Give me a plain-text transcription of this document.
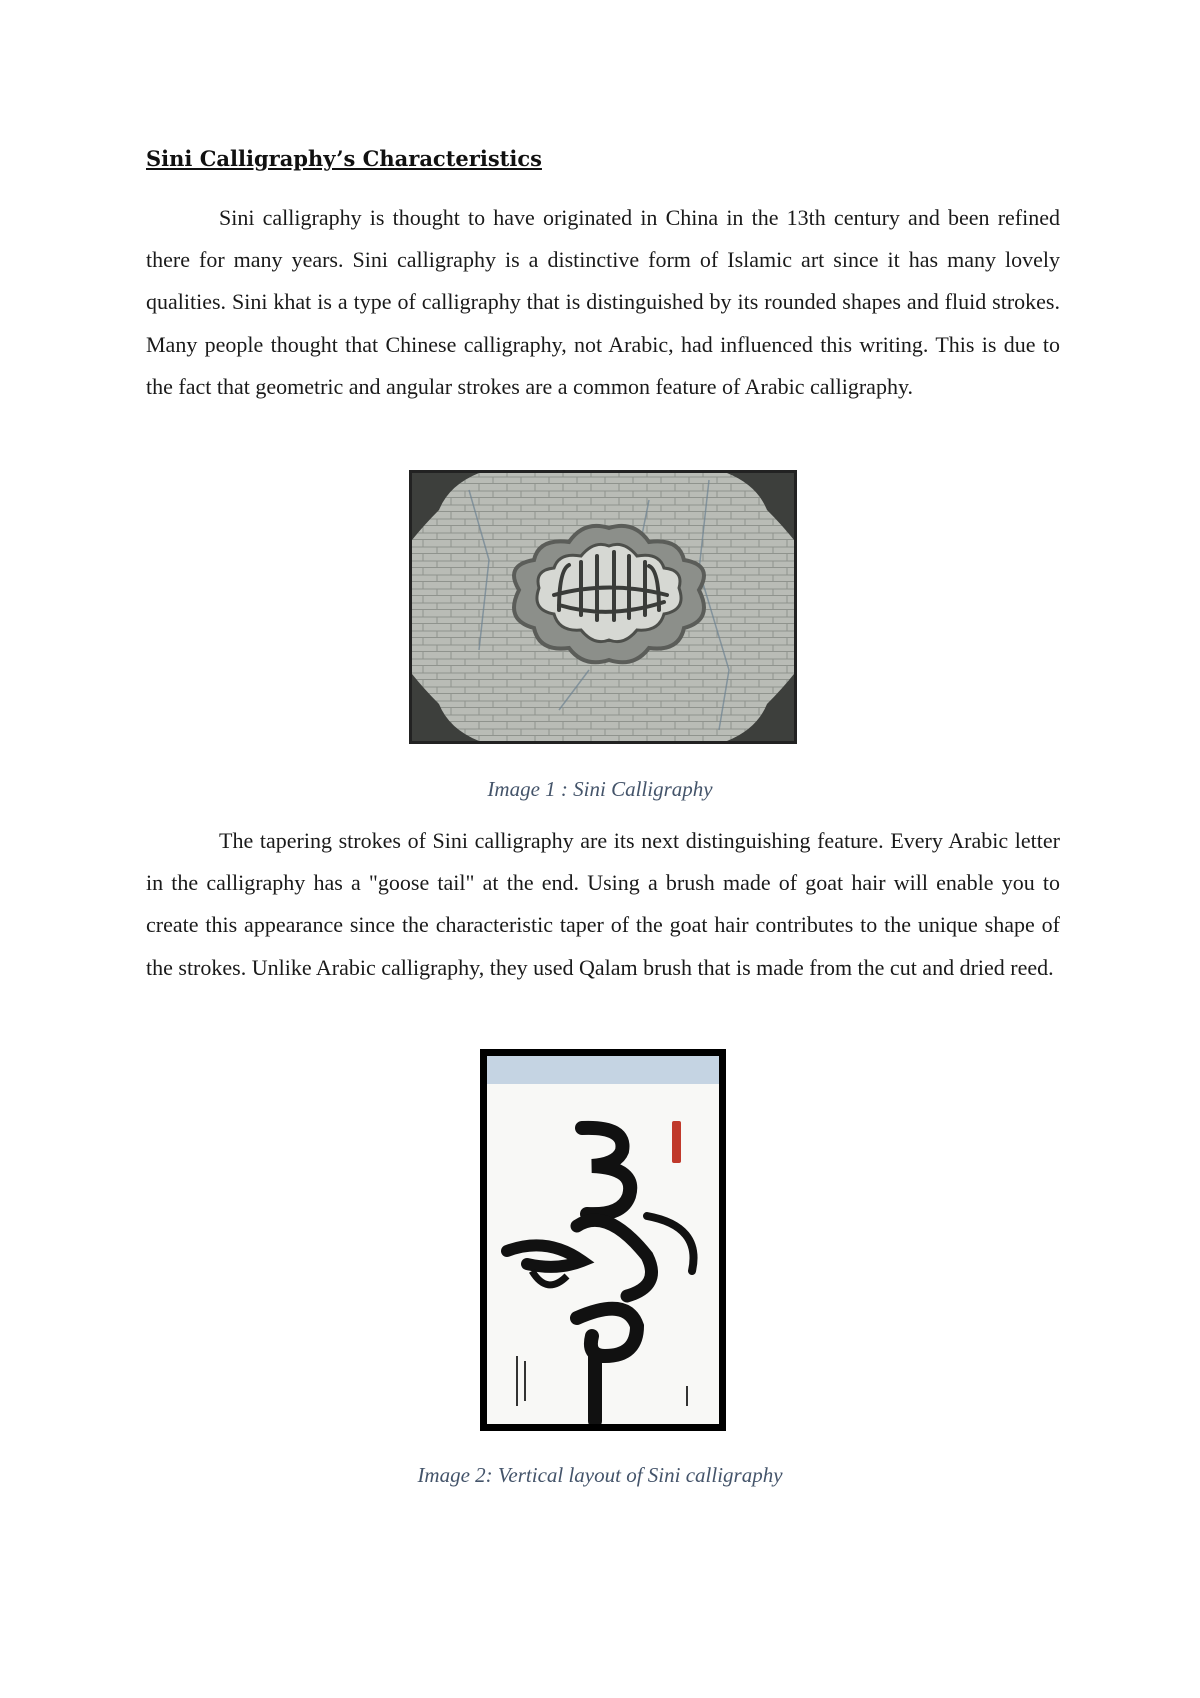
Sini Calligraphy’s Characteristics

Sini calligraphy is thought to have originated in China in the 13th century and been refined there for many years. Sini calligraphy is a distinctive form of Islamic art since it has many lovely qualities. Sini khat is a type of calligraphy that is distinguished by its rounded shapes and fluid strokes. Many people thought that Chinese calligraphy, not Arabic, had influenced this writing. This is due to the fact that geometric and angular strokes are a common feature of Arabic calligraphy.

Image 1 : Sini Calligraphy

The tapering strokes of Sini calligraphy are its next distinguishing feature. Every Arabic letter in the calligraphy has a "goose tail" at the end. Using a brush made of goat hair will enable you to create this appearance since the characteristic taper of the goat hair contributes to the unique shape of the strokes. Unlike Arabic calligraphy, they used Qalam brush that is made from the cut and dried reed.

Image 2: Vertical layout of Sini calligraphy
